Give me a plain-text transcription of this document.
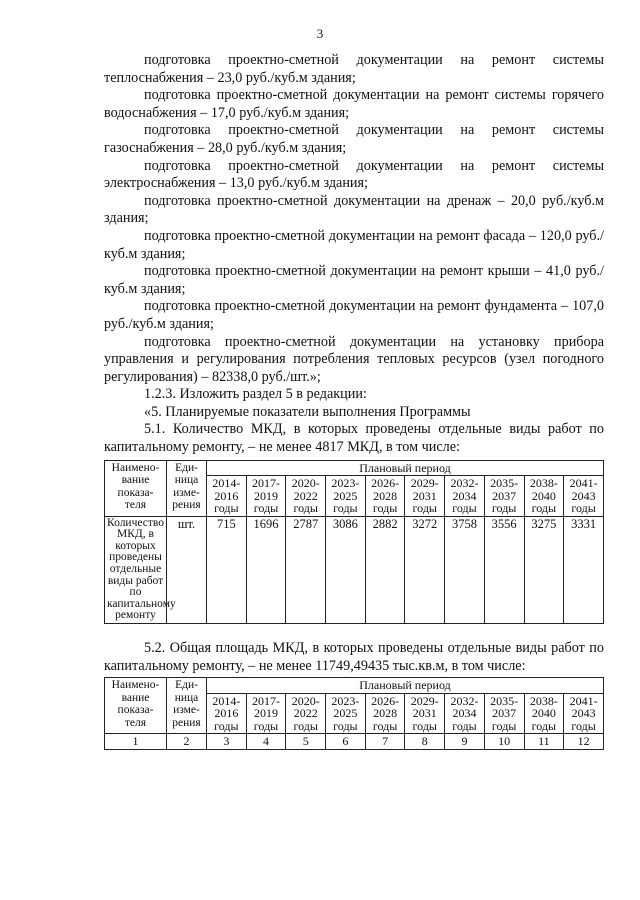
3

подготовка проектно-сметной документации на ремонт системы теплоснабжения – 23,0 руб./куб.м здания;

подготовка проектно-сметной документации на ремонт системы горячего водоснабжения – 17,0 руб./куб.м здания;

подготовка проектно-сметной документации на ремонт системы газоснабжения – 28,0 руб./куб.м здания;

подготовка проектно-сметной документации на ремонт системы электроснабжения – 13,0 руб./куб.м здания;

подготовка проектно-сметной документации на дренаж – 20,0 руб./куб.м здания;

подготовка проектно-сметной документации на ремонт фасада – 120,0 руб./куб.м здания;

подготовка проектно-сметной документации на ремонт крыши – 41,0 руб./куб.м здания;

подготовка проектно-сметной документации на ремонт фундамента – 107,0 руб./куб.м здания;

подготовка проектно-сметной документации на установку прибора управления и регулирования потребления тепловых ресурсов (узел погодного регулирования) – 82338,0 руб./шт.»;

1.2.3. Изложить раздел 5 в редакции:

«5. Планируемые показатели выполнения Программы

5.1. Количество МКД, в которых проведены отдельные виды работ по капитальному ремонту, – не менее 4817 МКД, в том числе:

Наимено-вание показа-теля	Еди-ница изме-рения	Плановый период									
		2014-2016 годы	2017-2019 годы	2020-2022 годы	2023-2025 годы	2026-2028 годы	2029-2031 годы	2032-2034 годы	2035-2037 годы	2038-2040 годы	2041-2043 годы
Количество МКД, в которых проведены отдельные виды работ по капитальному ремонту	шт.	715	1696	2787	3086	2882	3272	3758	3556	3275	3331

5.2. Общая площадь МКД, в которых проведены отдельные виды работ по капитальному ремонту, – не менее 11749,49435 тыс.кв.м, в том числе:

Наимено-вание показа-теля	Еди-ница изме-рения	Плановый период									
		2014-2016 годы	2017-2019 годы	2020-2022 годы	2023-2025 годы	2026-2028 годы	2029-2031 годы	2032-2034 годы	2035-2037 годы	2038-2040 годы	2041-2043 годы
1	2	3	4	5	6	7	8	9	10	11	12
